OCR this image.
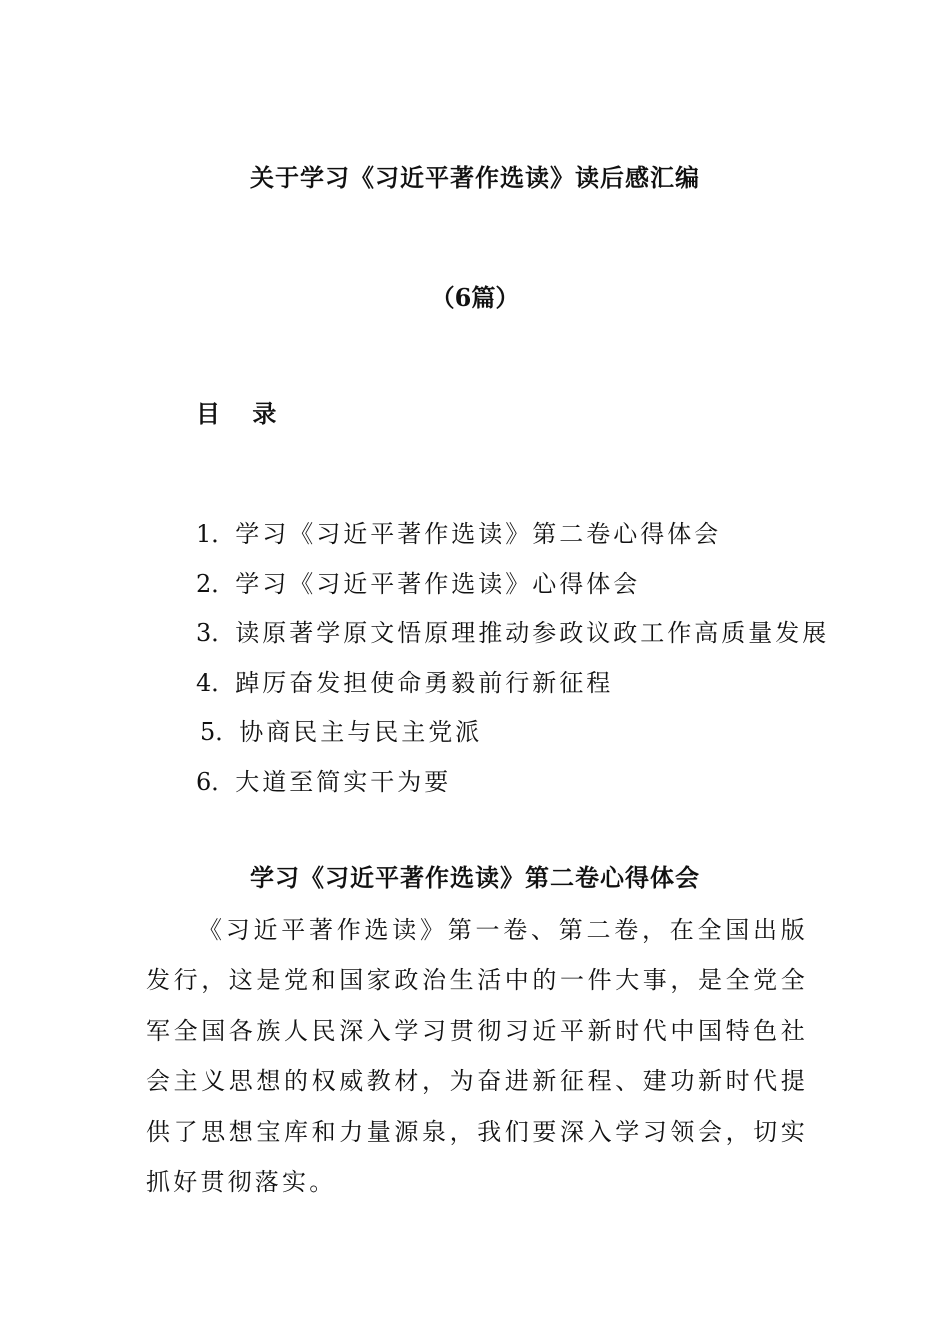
关于学习《习近平著作选读》读后感汇编
（6篇）
目 录
1．学习《习近平著作选读》第二卷心得体会
2．学习《习近平著作选读》心得体会
3．读原著学原文悟原理推动参政议政工作高质量发展
4．踔厉奋发担使命勇毅前行新征程
5．协商民主与民主党派
6．大道至简实干为要
学习《习近平著作选读》第二卷心得体会

《习近平著作选读》第一卷、第二卷，在全国出版发行，这是党和国家政治生活中的一件大事，是全党全军全国各族人民深入学习贯彻习近平新时代中国特色社会主义思想的权威教材，为奋进新征程、建功新时代提供了思想宝库和力量源泉，我们要深入学习领会，切实抓好贯彻落实。
